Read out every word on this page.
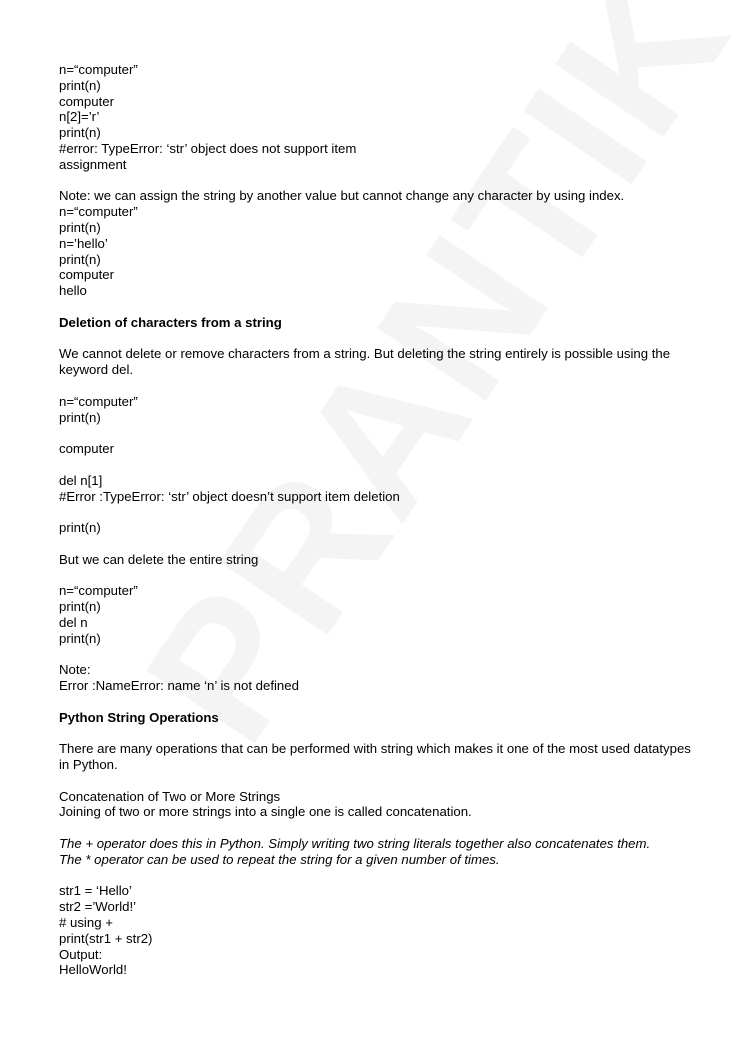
n=“computer”
print(n)
computer
n[2]=’r’
print(n)
#error: TypeError: ‘str’ object does not support item
assignment
Note: we can assign the string by another value but cannot change any character by using index.
n=“computer”
print(n)
n=’hello’
print(n)
computer
hello
Deletion of characters from a string
We cannot delete or remove characters from a string. But deleting the string entirely is possible using the keyword del.
n=“computer”
print(n)
computer
del n[1]
#Error :TypeError: ‘str’ object doesn’t support item deletion
print(n)
But we can delete the entire string
n=“computer”
print(n)
del n
print(n)
Note:
Error :NameError: name ‘n’ is not defined
Python String Operations
There are many operations that can be performed with string which makes it one of the most used datatypes in Python.
Concatenation of Two or More Strings
Joining of two or more strings into a single one is called concatenation.
The + operator does this in Python. Simply writing two string literals together also concatenates them.
The * operator can be used to repeat the string for a given number of times.
str1 = ‘Hello’
str2 =’World!’
# using +
print(str1 + str2)
Output:
HelloWorld!
